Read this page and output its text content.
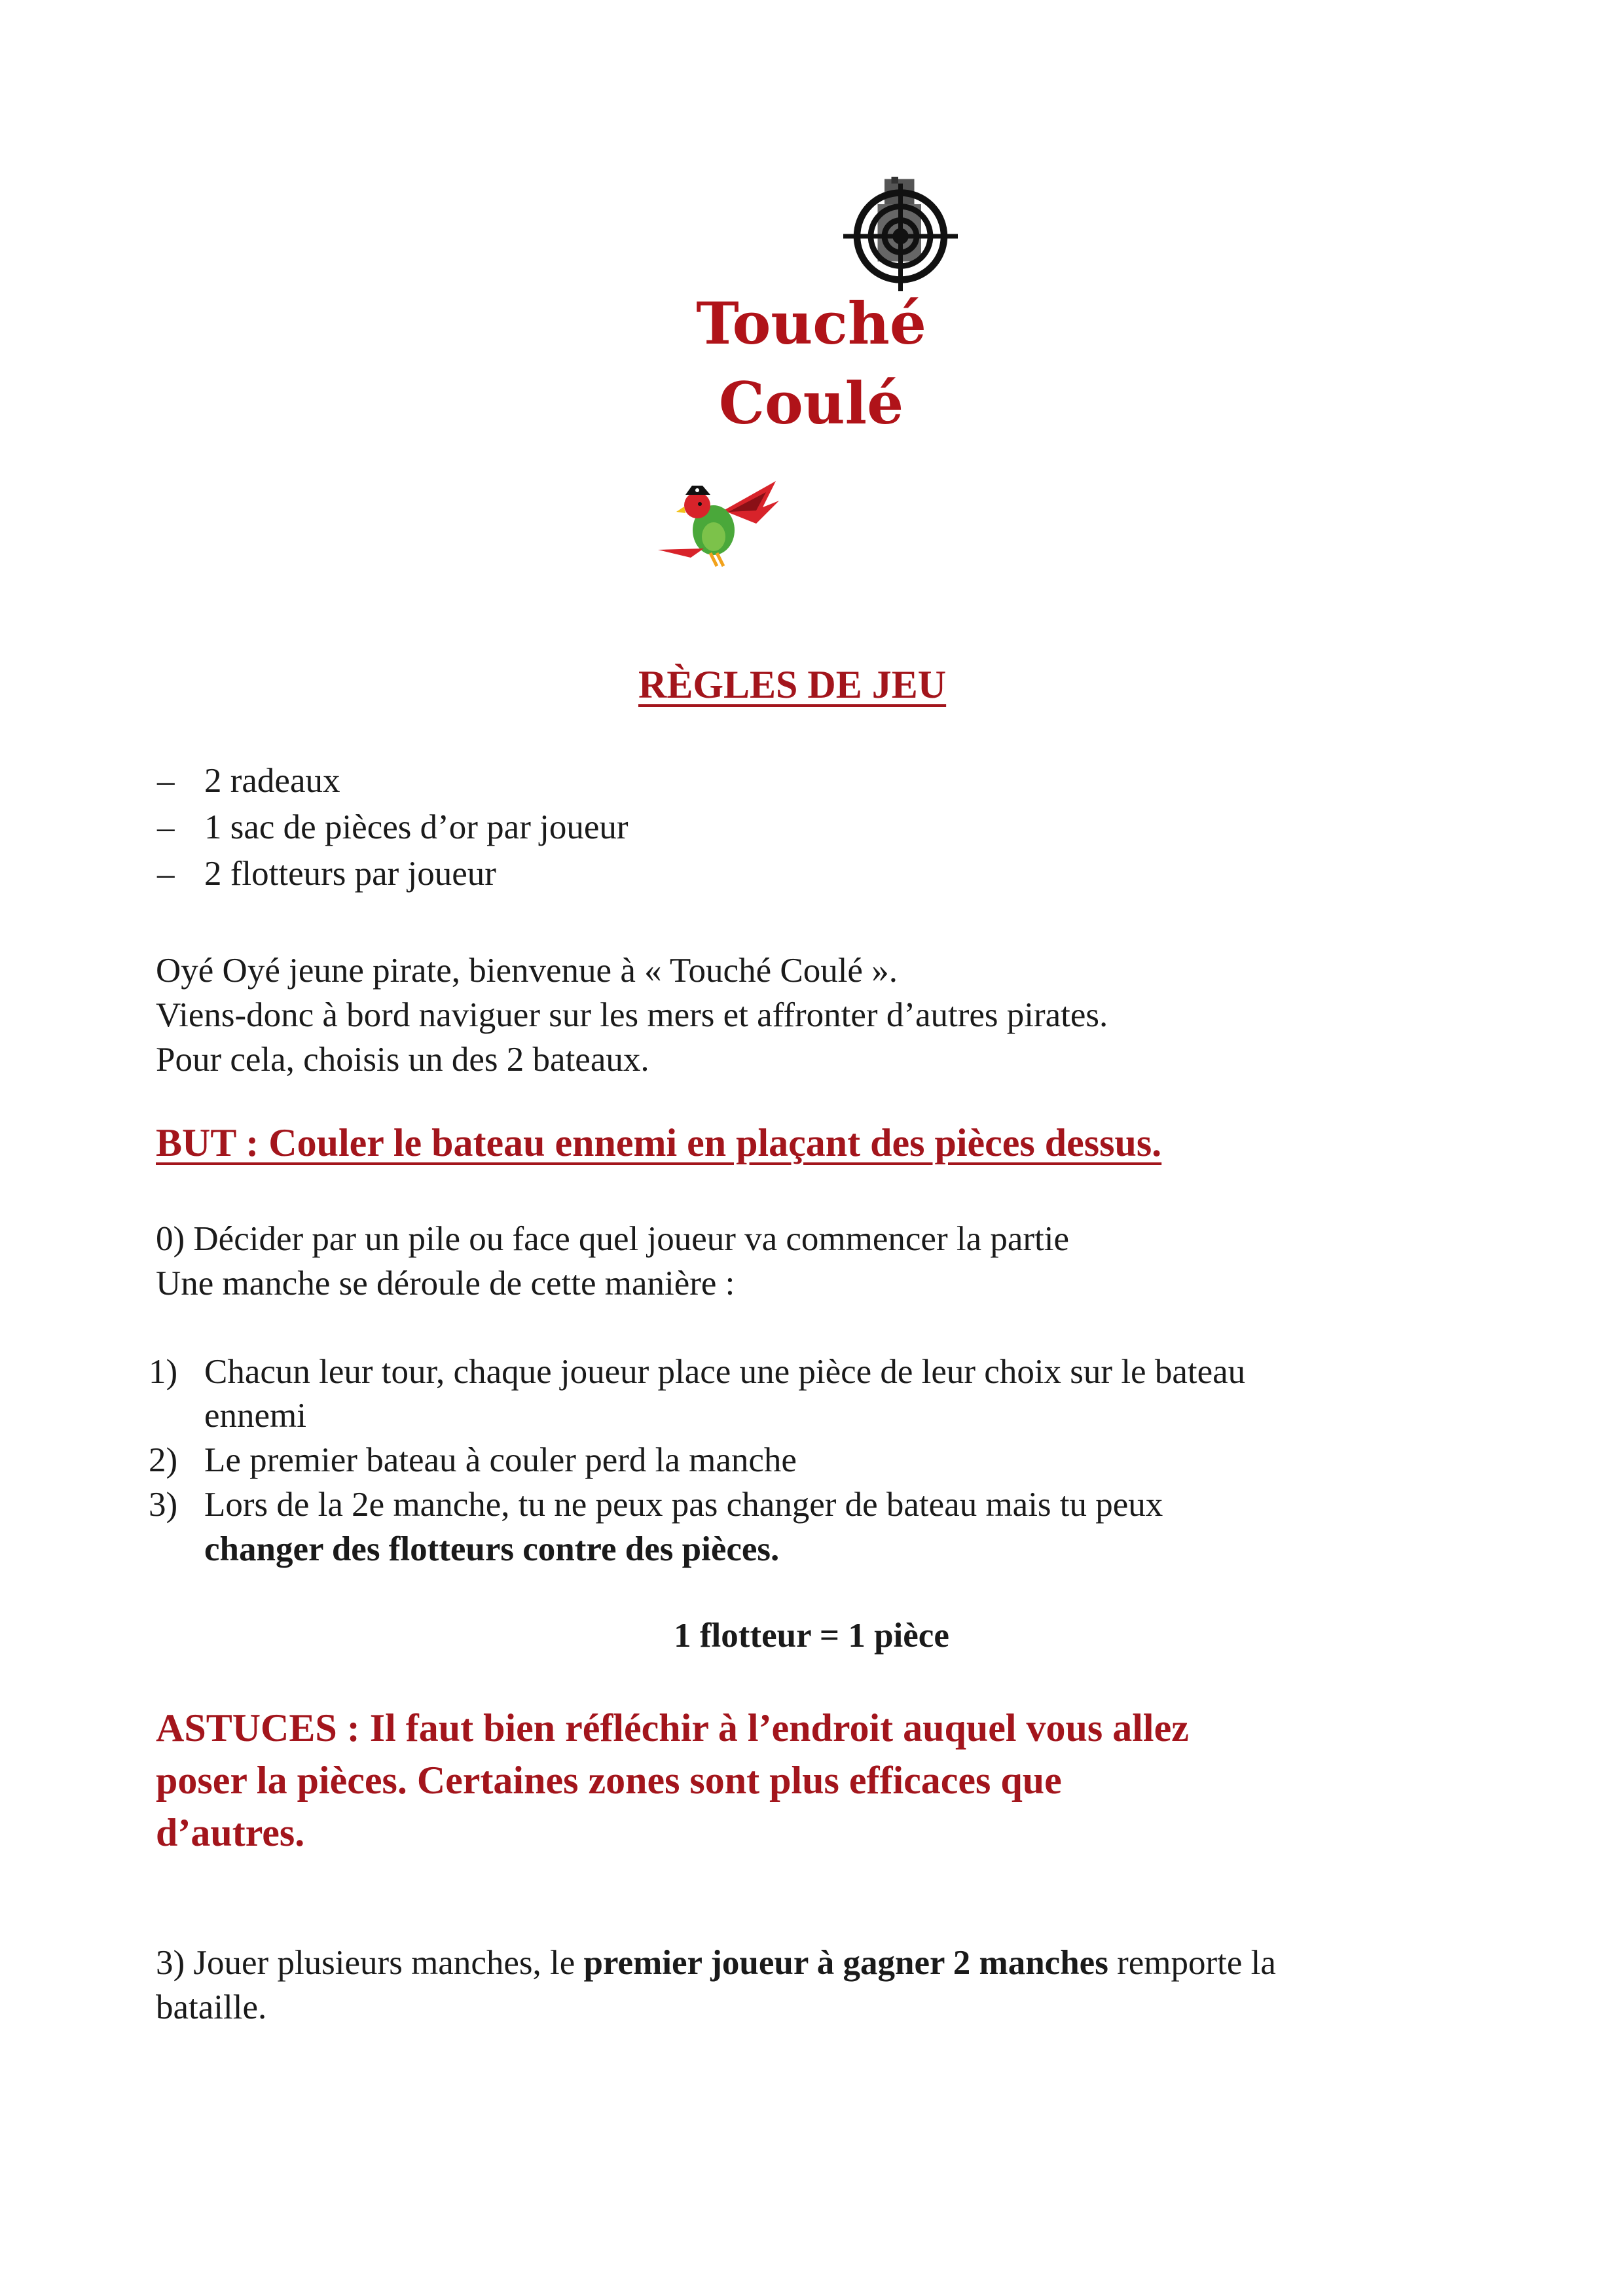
Touché
Coulé
RÈGLES DE JEU
– 2 radeaux
– 1 sac de pièces d’or par joueur
– 2 flotteurs par joueur
Oyé Oyé jeune pirate, bienvenue à « Touché Coulé ».
Viens-donc à bord naviguer sur les mers et affronter d’autres pirates.
Pour cela, choisis un des 2 bateaux.
BUT : Couler le bateau ennemi en plaçant des pièces dessus.
0) Décider par un pile ou face quel joueur va commencer la partie
Une manche se déroule de cette manière :
1) Chacun leur tour, chaque joueur place une pièce de leur choix sur le bateau
ennemi
2) Le premier bateau à couler perd la manche
3) Lors de la 2e manche, tu ne peux pas changer de bateau mais tu peux
changer des flotteurs contre des pièces.
1 flotteur = 1 pièce
ASTUCES : Il faut bien réfléchir à l’endroit auquel vous allez
poser la pièces. Certaines zones sont plus efficaces que
d’autres.
3) Jouer plusieurs manches, le premier joueur à gagner 2 manches remporte la
bataille.
